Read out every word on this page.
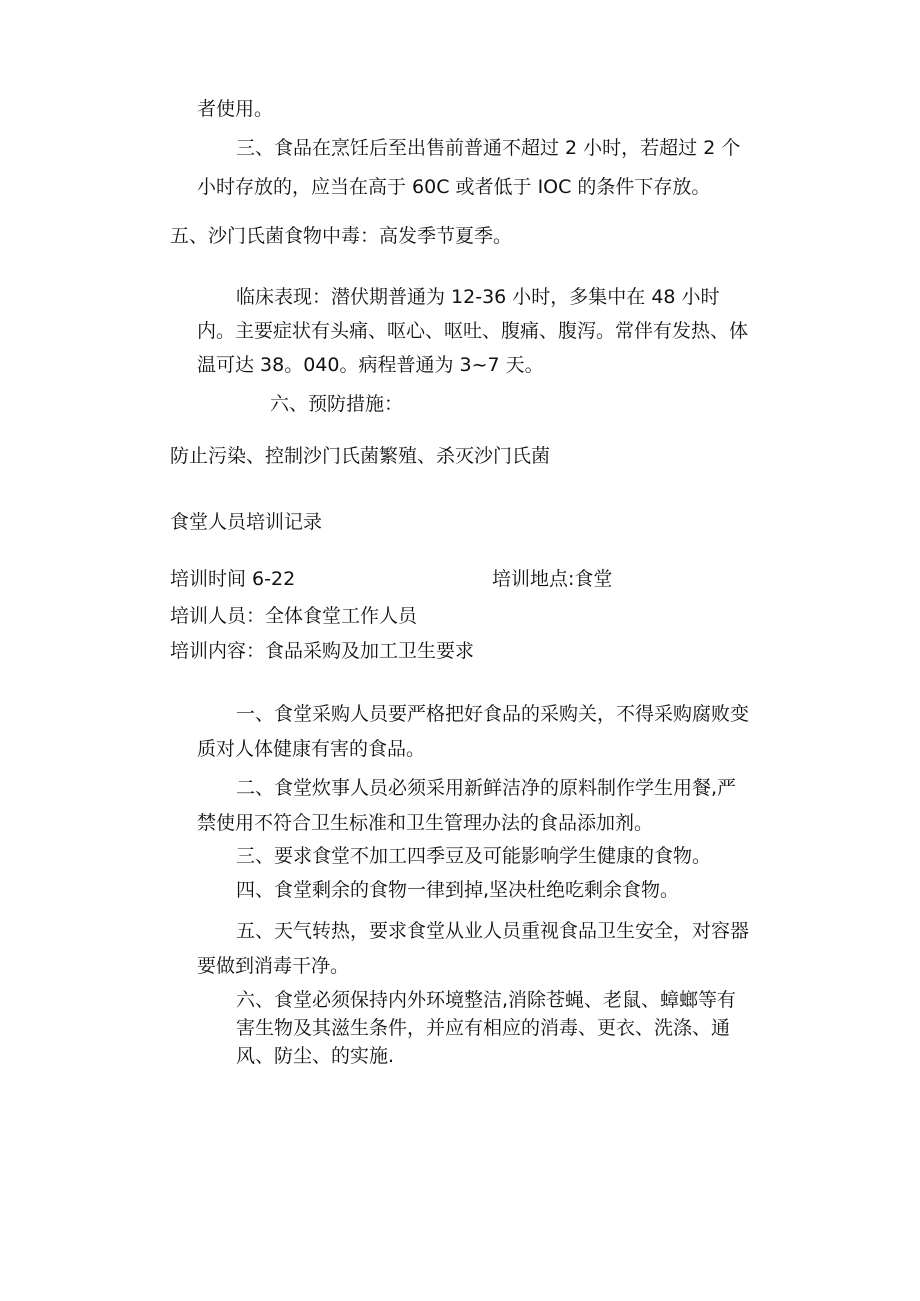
者使用。

三、食品在烹饪后至出售前普通不超过 2 小时，若超过 2 个

小时存放的，应当在高于 60C 或者低于 IOC 的条件下存放。

五、沙门氏菌食物中毒：高发季节夏季。

临床表现：潜伏期普通为 12-36 小时，多集中在 48 小时

内。主要症状有头痛、呕心、呕吐、腹痛、腹泻。常伴有发热、体

温可达 38。040。病程普通为 3~7 天。

六、预防措施：

防止污染、控制沙门氏菌繁殖、杀灭沙门氏菌

食堂人员培训记录

培训时间 6-22	培训地点:食堂

培训人员：全体食堂工作人员

培训内容：食品采购及加工卫生要求

一、食堂采购人员要严格把好食品的采购关，不得采购腐败变

质对人体健康有害的食品。

二、食堂炊事人员必须采用新鲜洁净的原料制作学生用餐,严

禁使用不符合卫生标准和卫生管理办法的食品添加剂。

三、要求食堂不加工四季豆及可能影响学生健康的食物。

四、食堂剩余的食物一律到掉,坚决杜绝吃剩余食物。

五、天气转热，要求食堂从业人员重视食品卫生安全，对容器

要做到消毒干净。

六、食堂必须保持内外环境整洁,消除苍蝇、老鼠、蟑螂等有

害生物及其滋生条件，并应有相应的消毒、更衣、洗涤、通

风、防尘、的实施.
